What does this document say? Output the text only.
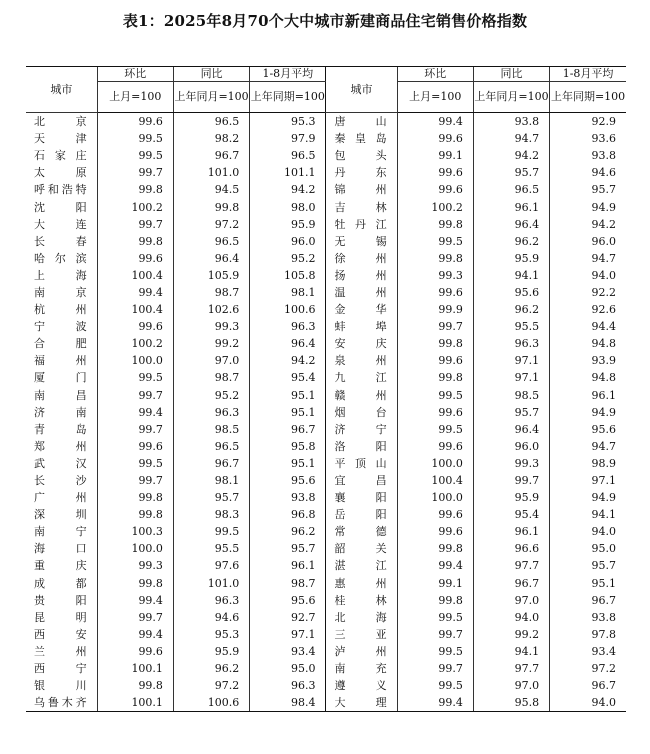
表1：2025年8月70个大中城市新建商品住宅销售价格指数
城市	环比	同比	1-8月平均	城市	环比	同比	1-8月平均
	上月=100	上年同月=100	上年同期=100		上月=100	上年同月=100	上年同期=100
北　京	99.6	96.5	95.3	唐　山	99.4	93.8	92.9
天　津	99.5	98.2	97.9	秦皇岛	99.6	94.7	93.6
石家庄	99.5	96.7	96.5	包　头	99.1	94.2	93.8
太　原	99.7	101.0	101.1	丹　东	99.6	95.7	94.6
呼和浩特	99.8	94.5	94.2	锦　州	99.6	96.5	95.7
沈　阳	100.2	99.8	98.0	吉　林	100.2	96.1	94.9
大　连	99.7	97.2	95.9	牡丹江	99.8	96.4	94.2
长　春	99.8	96.5	96.0	无　锡	99.5	96.2	96.0
哈尔滨	99.6	96.4	95.2	徐　州	99.8	95.9	94.7
上　海	100.4	105.9	105.8	扬　州	99.3	94.1	94.0
南　京	99.4	98.7	98.1	温　州	99.6	95.6	92.2
杭　州	100.4	102.6	100.6	金　华	99.9	96.2	92.6
宁　波	99.6	99.3	96.3	蚌　埠	99.7	95.5	94.4
合　肥	100.2	99.2	96.4	安　庆	99.8	96.3	94.8
福　州	100.0	97.0	94.2	泉　州	99.6	97.1	93.9
厦　门	99.5	98.7	95.4	九　江	99.8	97.1	94.8
南　昌	99.7	95.2	95.1	赣　州	99.5	98.5	96.1
济　南	99.4	96.3	95.1	烟　台	99.6	95.7	94.9
青　岛	99.7	98.5	96.7	济　宁	99.5	96.4	95.6
郑　州	99.6	96.5	95.8	洛　阳	99.6	96.0	94.7
武　汉	99.5	96.7	95.1	平顶山	100.0	99.3	98.9
长　沙	99.7	98.1	95.6	宜　昌	100.4	99.7	97.1
广　州	99.8	95.7	93.8	襄　阳	100.0	95.9	94.9
深　圳	99.8	98.3	96.8	岳　阳	99.6	95.4	94.1
南　宁	100.3	99.5	96.2	常　德	99.6	96.1	94.0
海　口	100.0	95.5	95.7	韶　关	99.8	96.6	95.0
重　庆	99.3	97.6	96.1	湛　江	99.4	97.7	95.7
成　都	99.8	101.0	98.7	惠　州	99.1	96.7	95.1
贵　阳	99.4	96.3	95.6	桂　林	99.8	97.0	96.7
昆　明	99.7	94.6	92.7	北　海	99.5	94.0	93.8
西　安	99.4	95.3	97.1	三　亚	99.7	99.2	97.8
兰　州	99.6	95.9	93.4	泸　州	99.5	94.1	93.4
西　宁	100.1	96.2	95.0	南　充	99.7	97.7	97.2
银　川	99.8	97.2	96.3	遵　义	99.5	97.0	96.7
乌鲁木齐	100.1	100.6	98.4	大　理	99.4	95.8	94.0
